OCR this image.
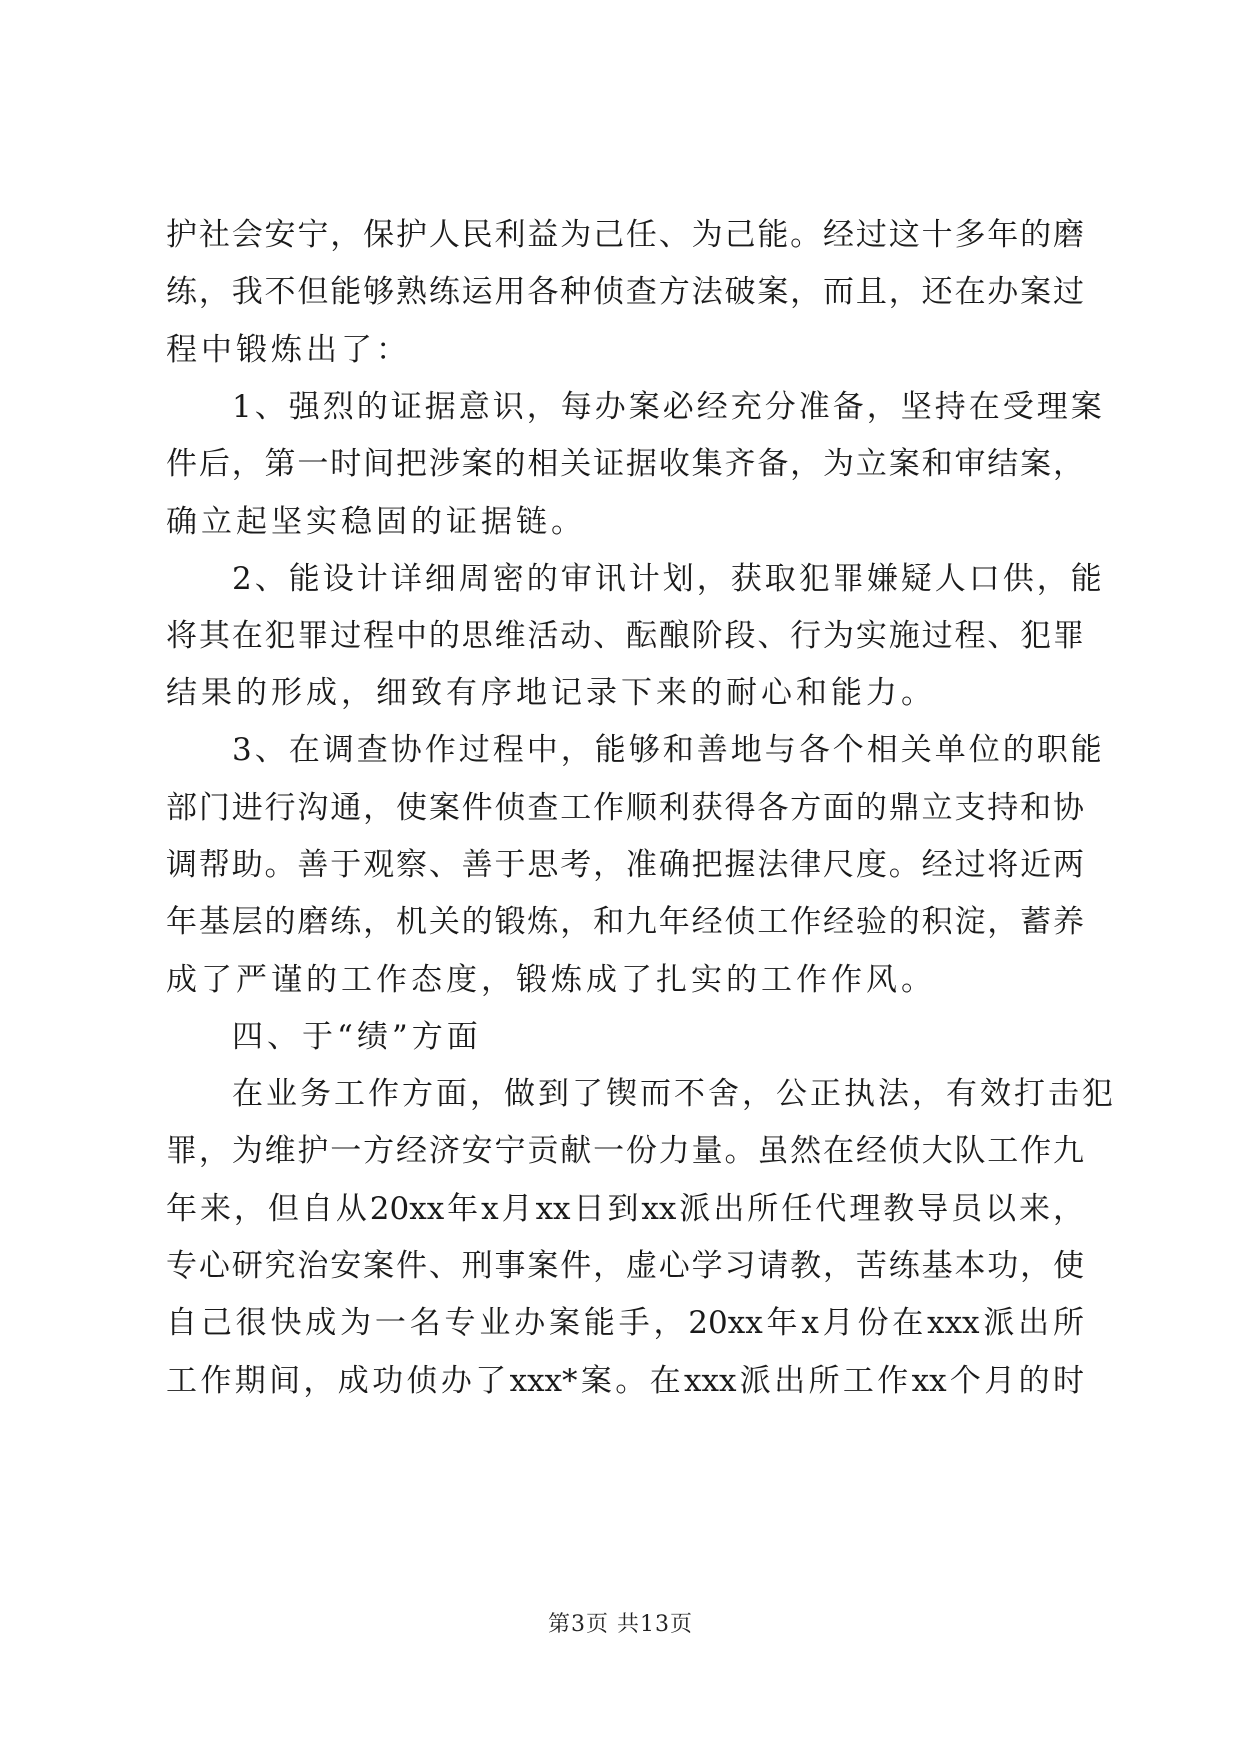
护社会安宁，保护人民利益为己任、为己能。经过这十多年的磨
练，我不但能够熟练运用各种侦查方法破案，而且，还在办案过
程中锻炼出了：
1、强烈的证据意识，每办案必经充分准备，坚持在受理案
件后，第一时间把涉案的相关证据收集齐备，为立案和审结案，
确立起坚实稳固的证据链。
2、能设计详细周密的审讯计划，获取犯罪嫌疑人口供，能
将其在犯罪过程中的思维活动、酝酿阶段、行为实施过程、犯罪
结果的形成，细致有序地记录下来的耐心和能力。
3、在调查协作过程中，能够和善地与各个相关单位的职能
部门进行沟通，使案件侦查工作顺利获得各方面的鼎立支持和协
调帮助。善于观察、善于思考，准确把握法律尺度。经过将近两
年基层的磨练，机关的锻炼，和九年经侦工作经验的积淀，蓄养
成了严谨的工作态度，锻炼成了扎实的工作作风。
四、于“绩”方面
在业务工作方面，做到了锲而不舍，公正执法，有效打击犯
罪，为维护一方经济安宁贡献一份力量。虽然在经侦大队工作九
年来，但自从20xx年x月xx日到xx派出所任代理教导员以来，
专心研究治安案件、刑事案件，虚心学习请教，苦练基本功，使
自己很快成为一名专业办案能手，20xx年x月份在xxx派出所
工作期间，成功侦办了xxx*案。在xxx派出所工作xx个月的时
第3页 共13页
